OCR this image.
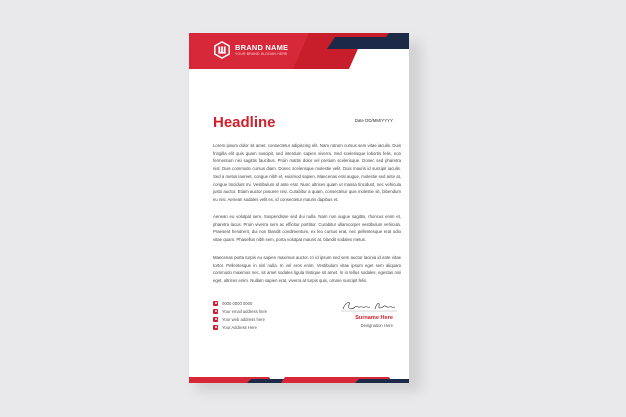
BRAND NAME
YOUR BRAND SLOGAN HERE
Headline	Date DD/MM/YYYY

Lorem ipsum dolor sit amet, consectetur adipiscing elit. Nam rutrum cursus sem vitae iaculis. Duis fringilla elit quis quam suscipit, sed interdum sapien viverra. Sed scelerisque lobortis felis, non fermentum nisi sagittis faucibus. Proin mattis dolor vel pretium scelerisque. Donec sed pharetra nisl. Duis commodo cursus diam. Donec scelerisque molestie velit. Duis mauris id suscipit iaculis. Sed a metus laoreet, congue nibh et, euismod sapien. Maecenas erat augue, molestie sed ante at, congue tincidunt mi. Vestibulum id ante erat. Nunc ultrices quam ut massa tincidunt, nec vehicula justo auctor. Etiam auctor posuere nisi. Curabitur a quam, consectetur quis molestie sit, bibendum eu nisi. Aenean sodales velit ex, id consectetur mauris dapibus et.

Aenean eu volutpat sem. Suspendisse sed dui nulla. Nam non augue sagittis, rhoncus enim et, pharetra lacus. Proin viverra sem ac efficitur porttitor. Curabitur ullamcorper vestibulum vehicula. Praesent hendrerit, dui non blandit condimentum, ex leo cursus erat, nec pellentesque erat odio vitae quam. Phasellus nibh sem, porta volutpat mauris at, blandit sodales metus.

Maecenas porta turpis eu sapien maximus auctor. In id ipsum sed sem auctor lacinia id ante vitae tortor. Pellentesque in nisl nulla. In vel eros enim. Vestibulum vitae ipsum eget sem aliquam commodo maximus nec, sit amet sodales ligula tristique sit amet. In in tellus sodales, egestas nisi eget, ultrices enim. Nullam sapien erat, viverra at turpis quis, ornare suscipit felis.

0000 0000 0000
Your email address here
Your web address here
Your Address Here
Surname Here
Designation Here
